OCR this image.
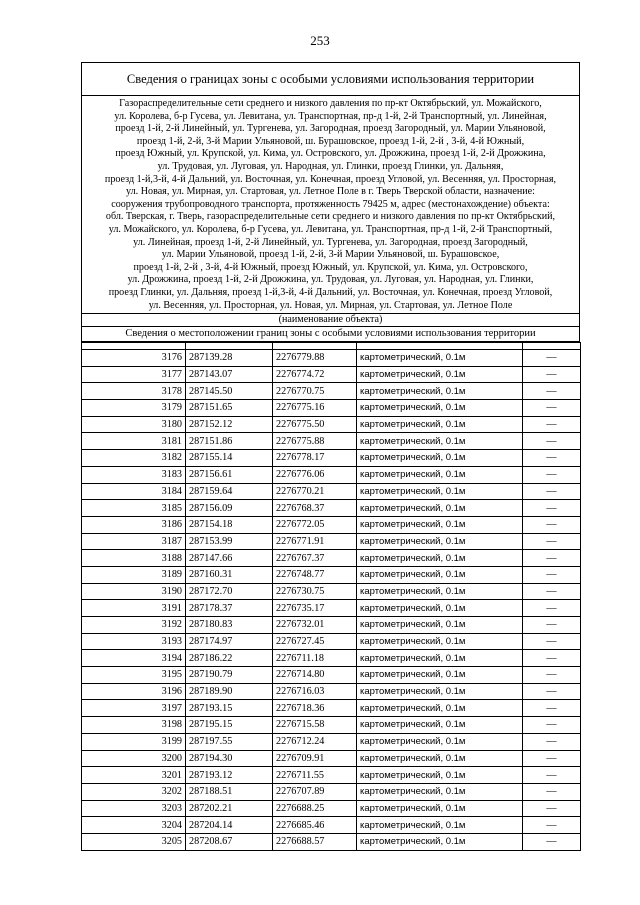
253
Сведения о границах зоны с особыми условиями использования территории
Газораспределительные сети среднего и низкого давления по пр-кт Октябрьский, ул. Можайского,
ул. Королева, б-р Гусева, ул. Левитана, ул. Транспортная, пр-д 1-й, 2-й Транспортный, ул. Линейная,
проезд 1-й, 2-й Линейный, ул. Тургенева, ул. Загородная, проезд Загородный, ул. Марии Ульяновой,
проезд 1-й, 2-й, 3-й Марии Ульяновой, ш. Бурашовское, проезд 1-й, 2-й , 3-й, 4-й Южный,
проезд Южный, ул. Крупской, ул. Кима, ул. Островского, ул. Дрожжина, проезд 1-й, 2-й Дрожжина,
ул. Трудовая, ул. Луговая, ул. Народная, ул. Глинки, проезд Глинки, ул. Дальняя,
проезд 1-й,3-й, 4-й Дальний, ул. Восточная, ул. Конечная, проезд Угловой, ул. Весенняя, ул. Просторная,
ул. Новая, ул. Мирная, ул. Стартовая, ул. Летное Поле в г. Тверь Тверской области, назначение:
сооружения трубопроводного транспорта, протяженность 79425 м, адрес (местонахождение) объекта:
обл. Тверская, г. Тверь, газораспределительные сети среднего и низкого давления по пр-кт Октябрьский,
ул. Можайского, ул. Королева, б-р Гусева, ул. Левитана, ул. Транспортная, пр-д 1-й, 2-й Транспортный,
ул. Линейная, проезд 1-й, 2-й Линейный, ул. Тургенева, ул. Загородная, проезд Загородный,
ул. Марии Ульяновой, проезд 1-й, 2-й, 3-й Марии Ульяновой, ш. Бурашовское,
проезд 1-й, 2-й , 3-й, 4-й Южный, проезд Южный, ул. Крупской, ул. Кима, ул. Островского,
ул. Дрожжина, проезд 1-й, 2-й Дрожжина, ул. Трудовая, ул. Луговая, ул. Народная, ул. Глинки,
проезд Глинки, ул. Дальняя, проезд 1-й,3-й, 4-й Дальний, ул. Восточная, ул. Конечная, проезд Угловой,
ул. Весенняя, ул. Просторная, ул. Новая, ул. Мирная, ул. Стартовая, ул. Летное Поле
(наименование объекта)
Сведения о местоположении границ зоны с особыми условиями использования территории

3176	287139.28	2276779.88	картометрический, 0.1м	—
3177	287143.07	2276774.72	картометрический, 0.1м	—
3178	287145.50	2276770.75	картометрический, 0.1м	—
3179	287151.65	2276775.16	картометрический, 0.1м	—
3180	287152.12	2276775.50	картометрический, 0.1м	—
3181	287151.86	2276775.88	картометрический, 0.1м	—
3182	287155.14	2276778.17	картометрический, 0.1м	—
3183	287156.61	2276776.06	картометрический, 0.1м	—
3184	287159.64	2276770.21	картометрический, 0.1м	—
3185	287156.09	2276768.37	картометрический, 0.1м	—
3186	287154.18	2276772.05	картометрический, 0.1м	—
3187	287153.99	2276771.91	картометрический, 0.1м	—
3188	287147.66	2276767.37	картометрический, 0.1м	—
3189	287160.31	2276748.77	картометрический, 0.1м	—
3190	287172.70	2276730.75	картометрический, 0.1м	—
3191	287178.37	2276735.17	картометрический, 0.1м	—
3192	287180.83	2276732.01	картометрический, 0.1м	—
3193	287174.97	2276727.45	картометрический, 0.1м	—
3194	287186.22	2276711.18	картометрический, 0.1м	—
3195	287190.79	2276714.80	картометрический, 0.1м	—
3196	287189.90	2276716.03	картометрический, 0.1м	—
3197	287193.15	2276718.36	картометрический, 0.1м	—
3198	287195.15	2276715.58	картометрический, 0.1м	—
3199	287197.55	2276712.24	картометрический, 0.1м	—
3200	287194.30	2276709.91	картометрический, 0.1м	—
3201	287193.12	2276711.55	картометрический, 0.1м	—
3202	287188.51	2276707.89	картометрический, 0.1м	—
3203	287202.21	2276688.25	картометрический, 0.1м	—
3204	287204.14	2276685.46	картометрический, 0.1м	—
3205	287208.67	2276688.57	картометрический, 0.1м	—
